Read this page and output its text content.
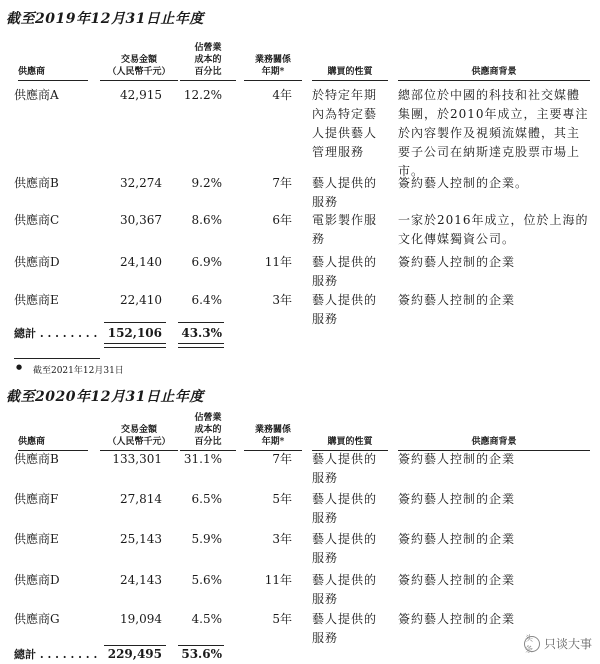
截至2019年12月31日止年度
供應商
交易金額
（人民幣千元）
佔營業
成本的
百分比
業務關係
年期*	購買的性質	供應商背景
供應商A	42,915	12.2%	4年 於特定年期內為特定藝人提供藝人管理服務
總部位於中國的科技和社交媒體集團，於2010年成立，主要專注於內容製作及視頻流媒體，其主要子公司在納斯達克股票市場上市。
供應商B	32,274	9.2%	7年 藝人提供的服務
簽約藝人控制的企業。
供應商C	30,367	8.6%	6年 電影製作服務
一家於2016年成立，位於上海的文化傳媒獨資公司。
供應商D	24,140	6.9%	11年 藝人提供的服務
簽約藝人控制的企業
供應商E	22,410	6.4%	3年 藝人提供的服務
簽約藝人控制的企業
總計 . . . . . . . . 152,106	43.3%
● 截至2021年12月31日
截至2020年12月31日止年度
供應商
交易金額
（人民幣千元）
佔營業
成本的
百分比
業務關係
年期*	購買的性質	供應商背景
供應商B	133,301	31.1%	7年 藝人提供的服務
簽約藝人控制的企業
供應商F	27,814	6.5%	5年 藝人提供的服務
簽約藝人控制的企業
供應商E	25,143	5.9%	3年 藝人提供的服務
簽約藝人控制的企業
供應商D	24,143	5.6%	11年 藝人提供的服務
簽約藝人控制的企業
供應商G	19,094	4.5%	5年 藝人提供的服務
簽約藝人控制的企業
總計 . . . . . . . . 229,495	53.6%
头条 只谈大事
